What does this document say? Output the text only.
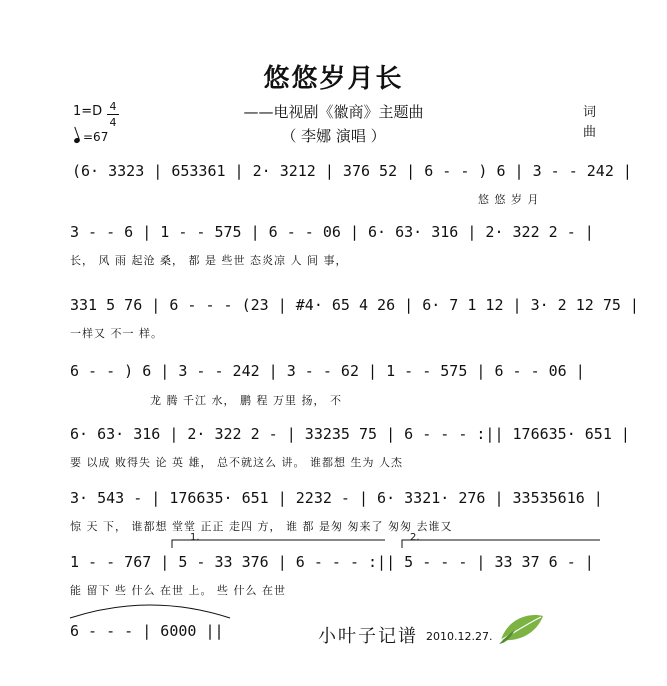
悠悠岁月长
——电视剧《徽商》主题曲
（ 李娜 演唱 ）
1=D 4
4
=67
词
曲
(6· 3323 | 653361 | 2· 3212 | 376 52 | 6 - - ) 6 | 3 - - 242 |
悠 悠 岁 月
3 - - 6 | 1 - - 575 | 6 - - 06 | 6· 63· 316 | 2· 322 2 - |
长， 风 雨 起沧 桑， 都 是 些世 态炎凉 人 间 事，
331 5 76 | 6 - - - (23 | #4· 65 4 26 | 6· 7 1 12 | 3· 2 12 75 |
一样又 不一 样。
6 - - ) 6 | 3 - - 242 | 3 - - 62 | 1 - - 575 | 6 - - 06 |
龙 腾 千江 水， 鹏 程 万里 扬， 不
6· 63· 316 | 2· 322 2 - | 33235 75 | 6 - - - :|| 176635· 651 |
要 以成 败得失 论 英 雄， 总不就这么 讲。 谁都想 生为 人杰
3· 543 - | 176635· 651 | 2232 - | 6· 3321· 276 | 33535616 |
惊 天 下， 谁都想 堂堂 正正 走四 方， 谁 都 是匆 匆来了 匆匆 去谁又
1.	2.
1 - - 767 | 5 - 33 376 | 6 - - - :|| 5 - - - | 33 37 6 - |
能 留下 些 什么 在世 上。 些 什么 在世
6 - - - | 6000 ||	小叶子记谱 2010.12.27.
